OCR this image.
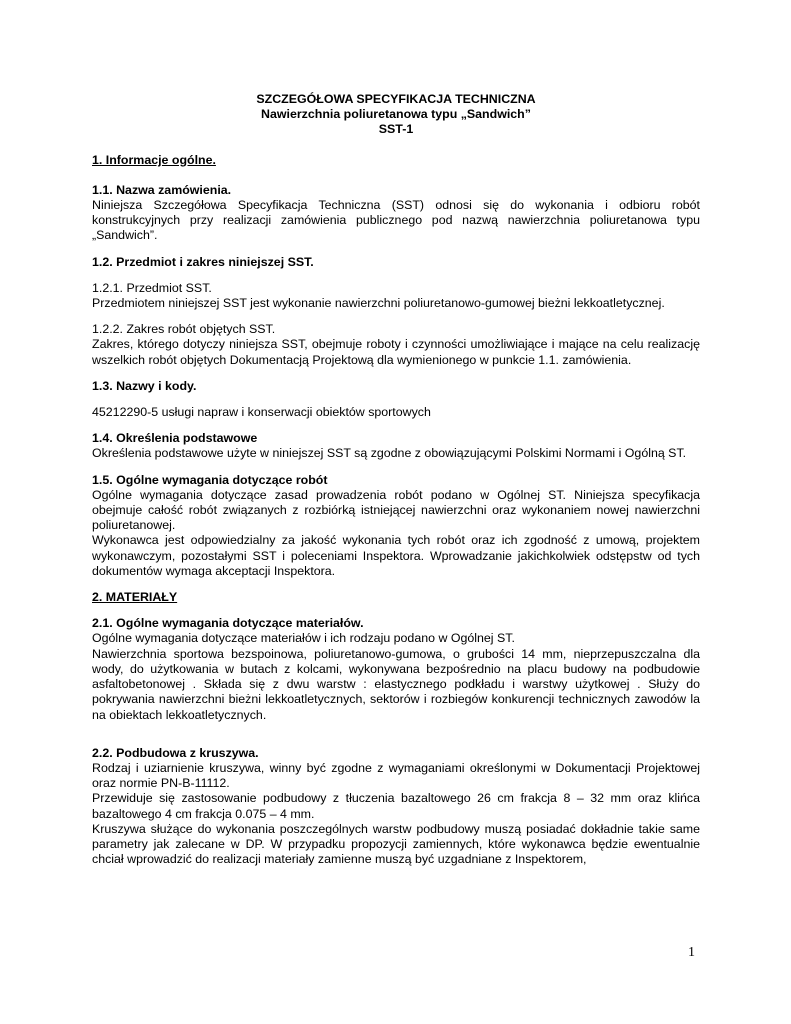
SZCZEGÓŁOWA SPECYFIKACJA TECHNICZNA
Nawierzchnia poliuretanowa typu „Sandwich”
SST-1
1. Informacje ogólne.
1.1. Nazwa zamówienia.
Niniejsza Szczegółowa Specyfikacja Techniczna (SST) odnosi się do wykonania i odbioru robót konstrukcyjnych przy realizacji zamówienia publicznego pod nazwą nawierzchnia poliuretanowa typu „Sandwich”.
1.2. Przedmiot i zakres niniejszej SST.
1.2.1. Przedmiot SST.
Przedmiotem niniejszej SST jest wykonanie nawierzchni poliuretanowo-gumowej bieżni lekkoatletycznej.
1.2.2. Zakres robót objętych SST.
Zakres, którego dotyczy niniejsza SST, obejmuje roboty i czynności umożliwiające i mające na celu realizację wszelkich robót objętych Dokumentacją Projektową dla wymienionego w punkcie 1.1. zamówienia.
1.3. Nazwy i kody.
45212290-5 usługi napraw i konserwacji obiektów sportowych
1.4. Określenia podstawowe
Określenia podstawowe użyte w niniejszej SST są zgodne z obowiązującymi Polskimi Normami i Ogólną ST.
1.5. Ogólne wymagania dotyczące robót
Ogólne wymagania dotyczące zasad prowadzenia robót podano w Ogólnej ST. Niniejsza specyfikacja obejmuje całość robót związanych z rozbiórką istniejącej nawierzchni oraz wykonaniem nowej nawierzchni poliuretanowej.
Wykonawca jest odpowiedzialny za jakość wykonania tych robót oraz ich zgodność z umową, projektem wykonawczym, pozostałymi SST i poleceniami Inspektora. Wprowadzanie jakichkolwiek odstępstw od tych dokumentów wymaga akceptacji Inspektora.
2. MATERIAŁY
2.1. Ogólne wymagania dotyczące materiałów.
Ogólne wymagania dotyczące materiałów i ich rodzaju podano w Ogólnej ST.
Nawierzchnia sportowa bezspoinowa, poliuretanowo-gumowa, o grubości 14 mm, nieprzepuszczalna dla wody, do użytkowania w butach z kolcami, wykonywana bezpośrednio na placu budowy na podbudowie asfaltobetonowej . Składa się z dwu warstw : elastycznego podkładu i warstwy użytkowej . Służy do pokrywania nawierzchni bieżni lekkoatletycznych, sektorów i rozbiegów konkurencji technicznych zawodów la na obiektach lekkoatletycznych.
2.2. Podbudowa z kruszywa.
Rodzaj i uziarnienie kruszywa, winny być zgodne z wymaganiami określonymi w Dokumentacji Projektowej oraz normie PN-B-11112.
Przewiduje się zastosowanie podbudowy z tłuczenia bazaltowego 26 cm frakcja 8 – 32 mm oraz klińca bazaltowego 4 cm frakcja 0.075 – 4 mm.
Kruszywa służące do wykonania poszczególnych warstw podbudowy muszą posiadać dokładnie takie same parametry jak zalecane w DP. W przypadku propozycji zamiennych, które wykonawca będzie ewentualnie chciał wprowadzić do realizacji materiały zamienne muszą być uzgadniane z Inspektorem,
1
